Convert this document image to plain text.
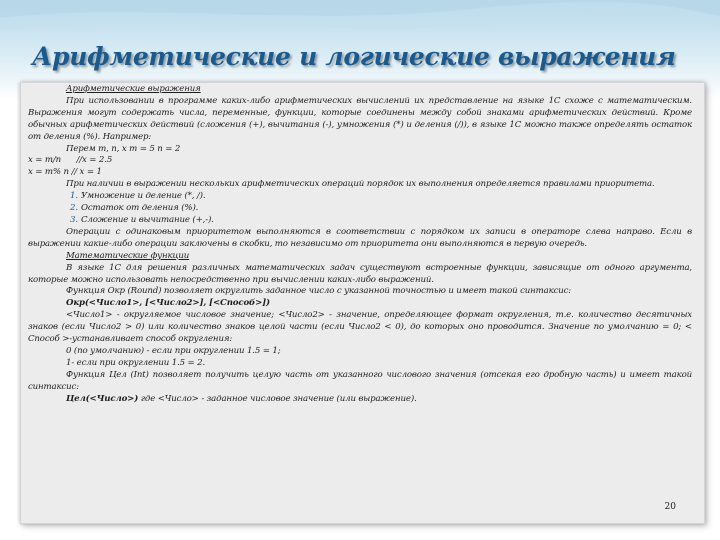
Арифметические и логические выражения

Арифметические выражения

При использовании в программе каких-либо арифметических вычислений их представление на языке 1С схоже с математическим. Выражения могут содержать числа, переменные, функции, которые соединены между собой знаками арифметических действий. Кроме обычных арифметических действий (сложения (+), вычитания (-), умножения (*) и деления (/)), в языке 1С можно также определять остаток от деления (%). Например:

Перем т, п, х т = 5 п = 2

х = т/п      //х = 2.5

х = т% п // х = 1

При наличии в выражении нескольких арифметических операций порядок их выполнения определяется правилами приоритета.

1. Умножение и деление (*, /).

2. Остаток от деления (%).

3. Сложение и вычитание (+,-).

Операции с одинаковым приоритетом выполняются в соответствии с порядком их записи в операторе слева направо. Если в выражении какие-либо операции заключены в скобки, то независимо от приоритета они выполняются в первую очередь.

Математические функции

В языке 1С для решения различных математических задач существуют встроенные функции, зависящие от одного аргумента, которые можно использовать непосредственно при вычислении каких-либо выражений.

Функция Окр (Round) позволяет округлить заданное число с указанной точностью и имеет такой синтаксис:

Окр(<Число1>, [<Число2>], [<Способ>])

<Число1> - округляемое числовое значение; <Число2> - значение, определяющее формат округления, т.е. количество десятичных знаков (если Число2 > 0) или количество знаков целой части (если Число2 < 0), до которых оно проводится. Значение по умолчанию = 0; < Способ >-устанавливает способ округления:

0 (по умолчанию) - если при округлении 1.5 = 1;

1- если при округлении 1.5 = 2.

Функция Цел (Int) позволяет получить целую часть от указанного числового значения (отсекая его дробную часть) и имеет такой синтаксис:

Цел(<Число>) где <Число> - заданное числовое значение (или выражение).

20
